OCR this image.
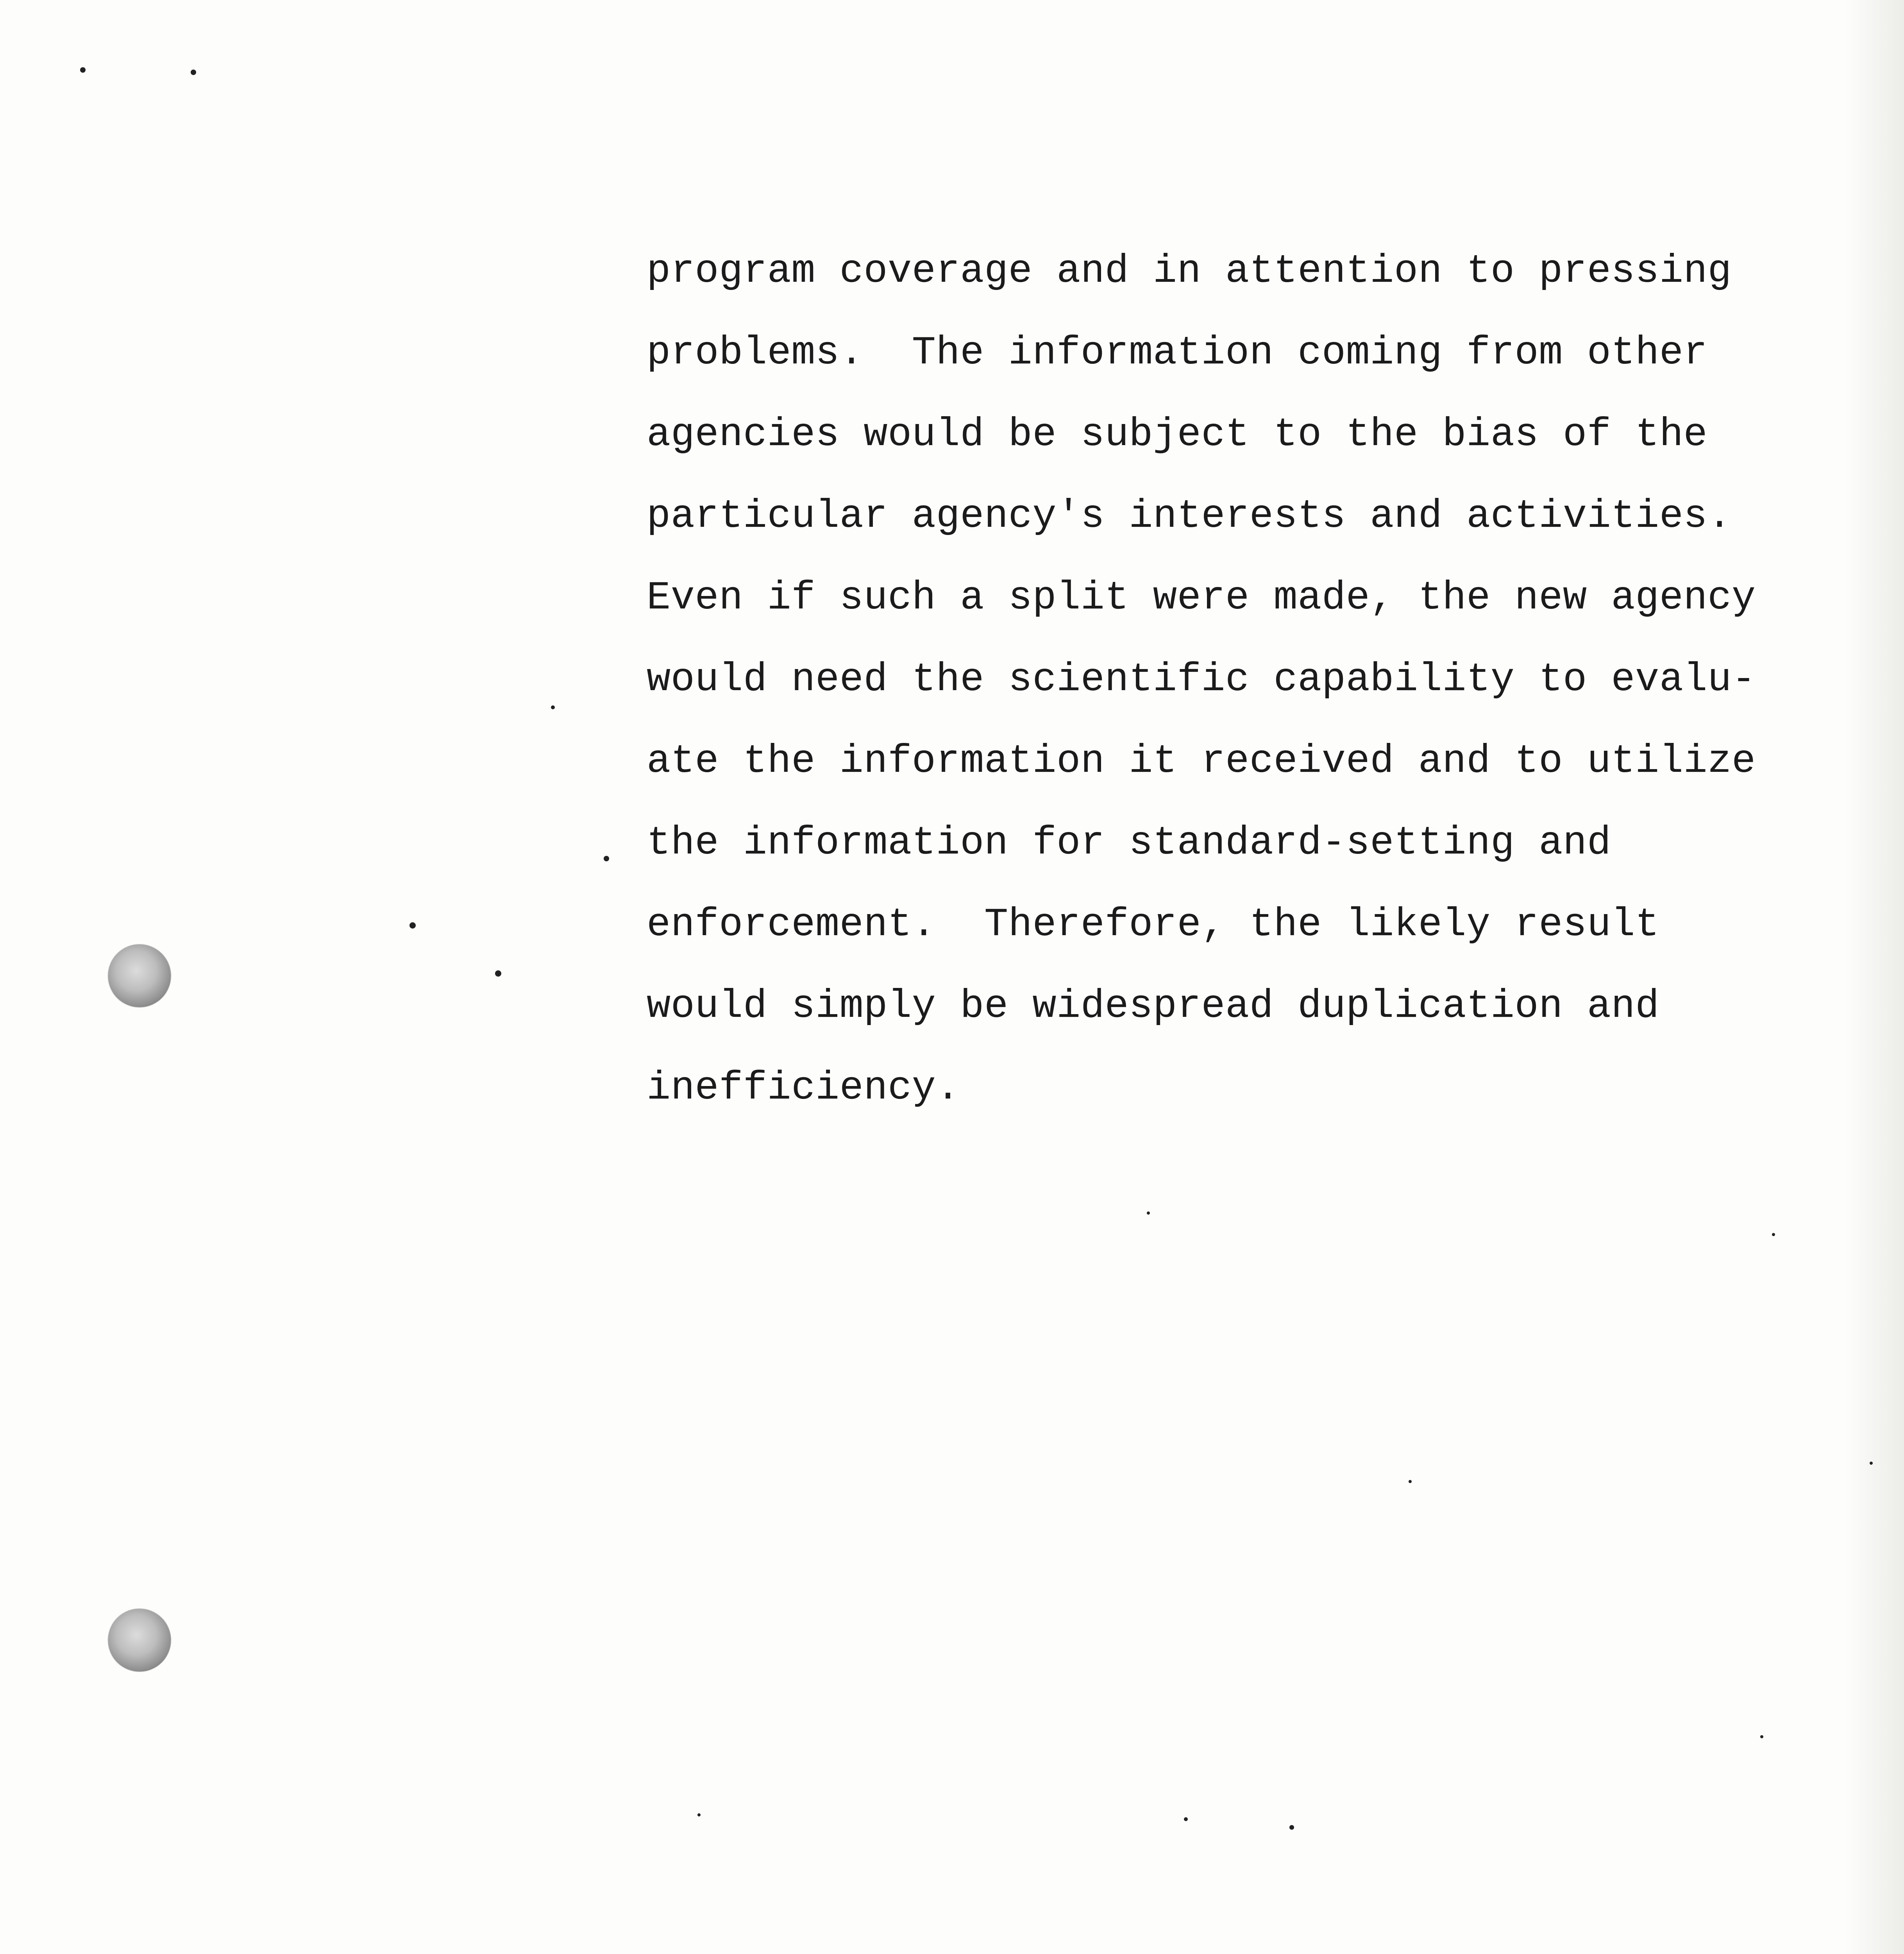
program coverage and in attention to pressing
problems.  The information coming from other
agencies would be subject to the bias of the
particular agency's interests and activities.
Even if such a split were made, the new agency
would need the scientific capability to evalu-
ate the information it received and to utilize
the information for standard-setting and
enforcement.  Therefore, the likely result
would simply be widespread duplication and
inefficiency.
